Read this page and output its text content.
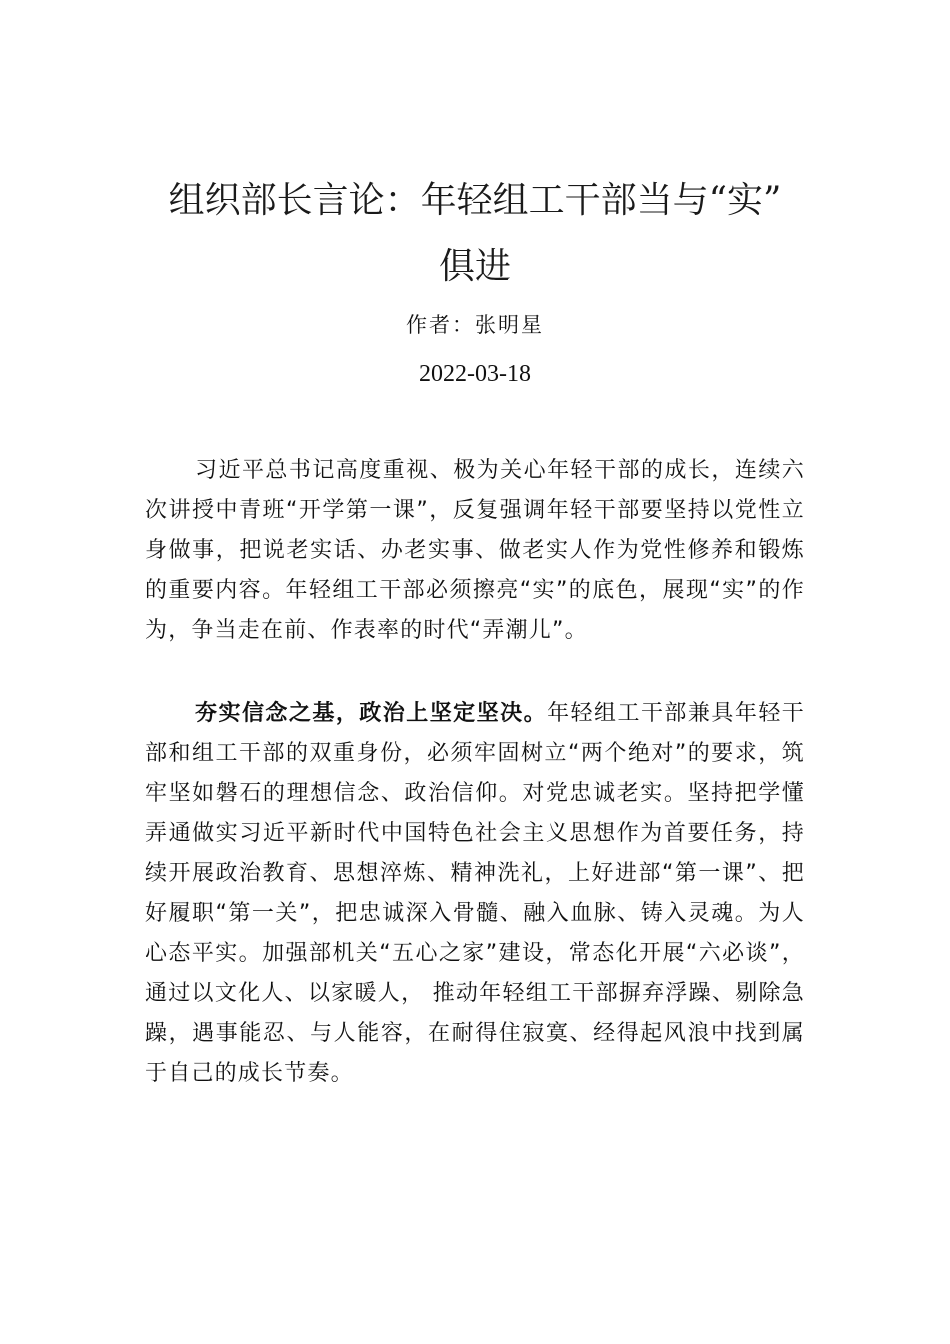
组织部长言论：年轻组工干部当与“实”
俱进

作者：张明星

2022-03-18

习近平总书记高度重视、极为关心年轻干部的成长，连续六次讲授中青班“开学第一课”，反复强调年轻干部要坚持以党性立身做事，把说老实话、办老实事、做老实人作为党性修养和锻炼的重要内容。年轻组工干部必须擦亮“实”的底色，展现“实”的作为，争当走在前、作表率的时代“弄潮儿”。

夯实信念之基，政治上坚定坚决。年轻组工干部兼具年轻干部和组工干部的双重身份，必须牢固树立“两个绝对”的要求，筑牢坚如磐石的理想信念、政治信仰。对党忠诚老实。坚持把学懂弄通做实习近平新时代中国特色社会主义思想作为首要任务，持续开展政治教育、思想淬炼、精神洗礼，上好进部“第一课”、把好履职“第一关”，把忠诚深入骨髓、融入血脉、铸入灵魂。为人心态平实。加强部机关“五心之家”建设，常态化开展“六必谈”，通过以文化人、以家暖人， 推动年轻组工干部摒弃浮躁、剔除急躁，遇事能忍、与人能容，在耐得住寂寞、经得起风浪中找到属于自己的成长节奏。
